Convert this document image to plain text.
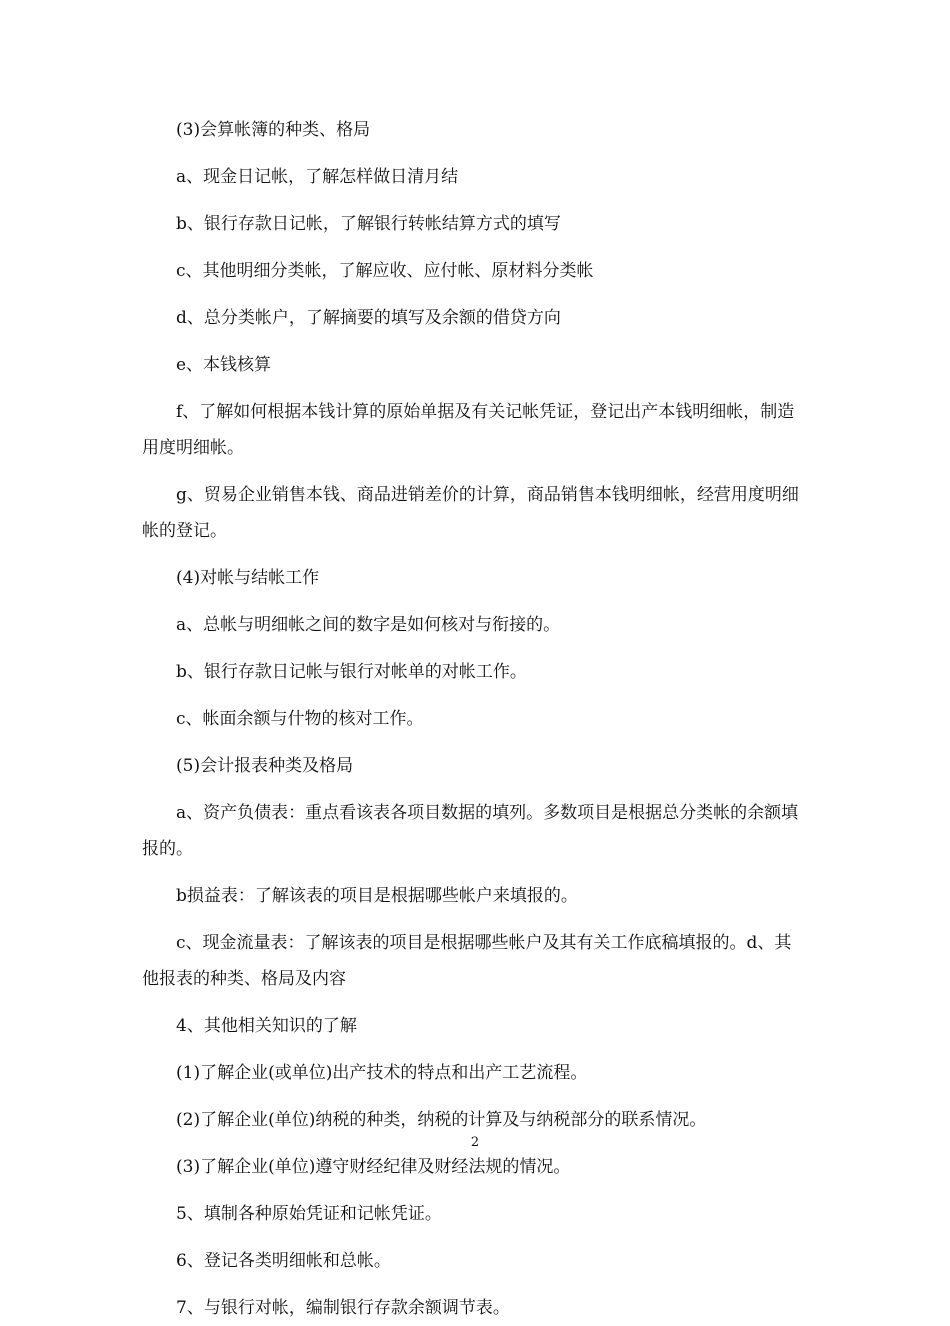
(3)会算帐簿的种类、格局

a、现金日记帐，了解怎样做日清月结

b、银行存款日记帐，了解银行转帐结算方式的填写

c、其他明细分类帐，了解应收、应付帐、原材料分类帐

d、总分类帐户，了解摘要的填写及余额的借贷方向

e、本钱核算

f、了解如何根据本钱计算的原始单据及有关记帐凭证，登记出产本钱明细帐，制造用度明细帐。

g、贸易企业销售本钱、商品进销差价的计算，商品销售本钱明细帐，经营用度明细帐的登记。

(4)对帐与结帐工作

a、总帐与明细帐之间的数字是如何核对与衔接的。

b、银行存款日记帐与银行对帐单的对帐工作。

c、帐面余额与什物的核对工作。

(5)会计报表种类及格局

a、资产负债表：重点看该表各项目数据的填列。多数项目是根据总分类帐的余额填报的。

b损益表：了解该表的项目是根据哪些帐户来填报的。

c、现金流量表：了解该表的项目是根据哪些帐户及其有关工作底稿填报的。d、其他报表的种类、格局及内容

4、其他相关知识的了解

(1)了解企业(或单位)出产技术的特点和出产工艺流程。

(2)了解企业(单位)纳税的种类，纳税的计算及与纳税部分的联系情况。

(3)了解企业(单位)遵守财经纪律及财经法规的情况。

5、填制各种原始凭证和记帐凭证。

6、登记各类明细帐和总帐。

7、与银行对帐，编制银行存款余额调节表。

2
